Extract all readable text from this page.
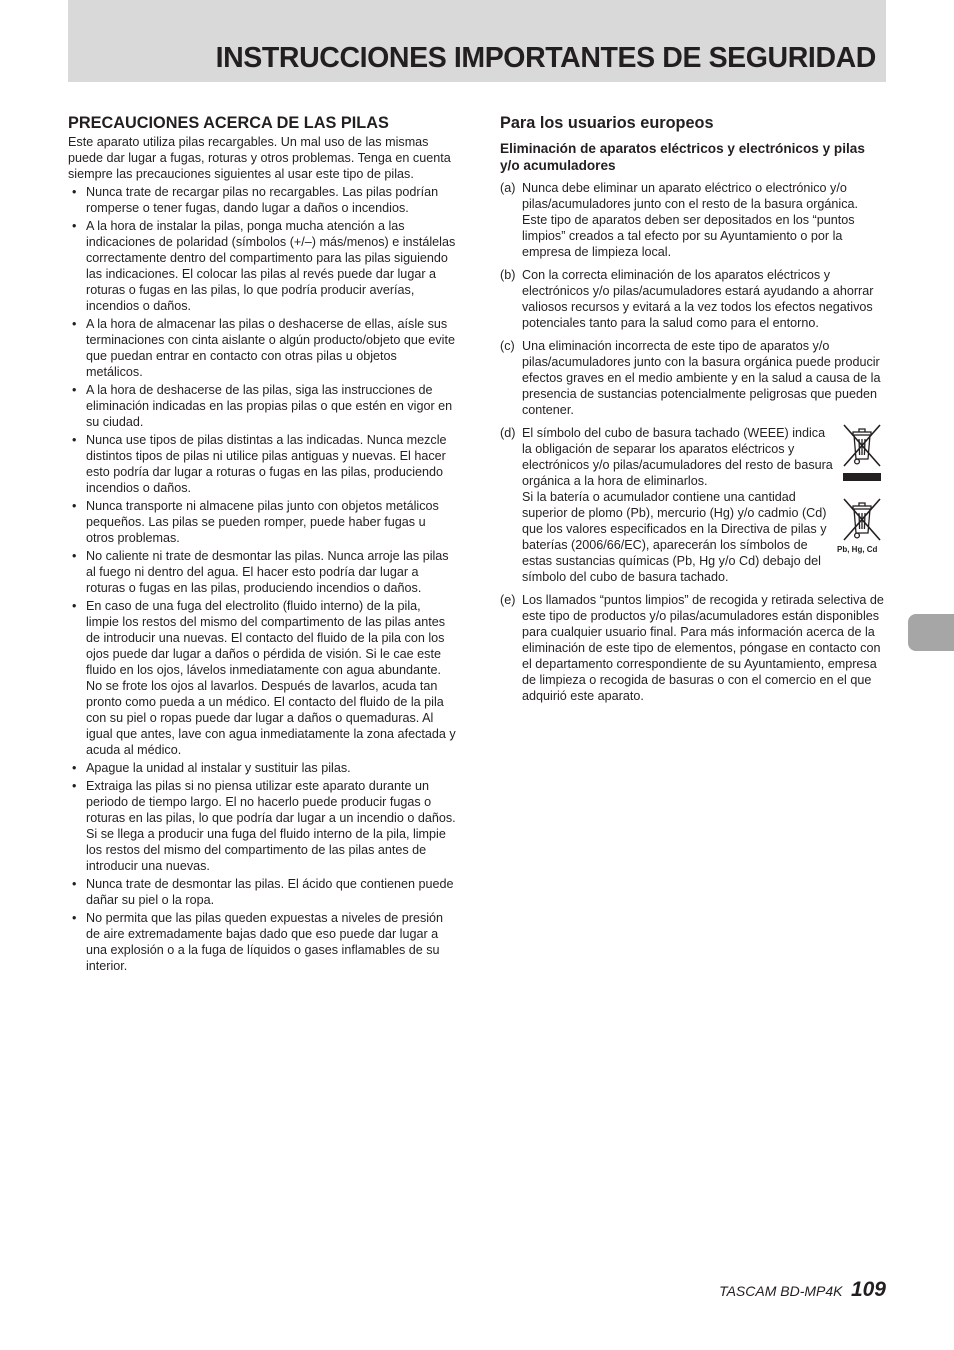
INSTRUCCIONES IMPORTANTES DE SEGURIDAD
PRECAUCIONES ACERCA DE LAS PILAS

Este aparato utiliza pilas recargables. Un mal uso de las mismas puede dar lugar a fugas, roturas y otros problemas. Tenga en cuenta siempre las precauciones siguientes al usar este tipo de pilas.

• Nunca trate de recargar pilas no recargables. Las pilas podrían romperse o tener fugas, dando lugar a daños o incendios.
• A la hora de instalar la pilas, ponga mucha atención a las indicaciones de polaridad (símbolos (+/–) más/menos) e instálelas correctamente dentro del compartimento para las pilas siguiendo las indicaciones. El colocar las pilas al revés puede dar lugar a roturas o fugas en las pilas, lo que podría producir averías, incendios o daños.
• A la hora de almacenar las pilas o deshacerse de ellas, aísle sus terminaciones con cinta aislante o algún producto/objeto que evite que puedan entrar en contacto con otras pilas u objetos metálicos.
• A la hora de deshacerse de las pilas, siga las instrucciones de eliminación indicadas en las propias pilas o que estén en vigor en su ciudad.
• Nunca use tipos de pilas distintas a las indicadas. Nunca mezcle distintos tipos de pilas ni utilice pilas antiguas y nuevas. El hacer esto podría dar lugar a roturas o fugas en las pilas, produciendo incendios o daños.
• Nunca transporte ni almacene pilas junto con objetos metálicos pequeños. Las pilas se pueden romper, puede haber fugas u otros problemas.
• No caliente ni trate de desmontar las pilas. Nunca arroje las pilas al fuego ni dentro del agua. El hacer esto podría dar lugar a roturas o fugas en las pilas, produciendo incendios o daños.
• En caso de una fuga del electrolito (fluido interno) de la pila, limpie los restos del mismo del compartimento de las pilas antes de introducir una nuevas. El contacto del fluido de la pila con los ojos puede dar lugar a daños o pérdida de visión. Si le cae este fluido en los ojos, lávelos inmediatamente con agua abundante. No se frote los ojos al lavarlos. Después de lavarlos, acuda tan pronto como pueda a un médico. El contacto del fluido de la pila con su piel o ropas puede dar lugar a daños o quemaduras. Al igual que antes, lave con agua inmediatamente la zona afectada y acuda al médico.
• Apague la unidad al instalar y sustituir las pilas.
• Extraiga las pilas si no piensa utilizar este aparato durante un periodo de tiempo largo. El no hacerlo puede producir fugas o roturas en las pilas, lo que podría dar lugar a un incendio o daños. Si se llega a producir una fuga del fluido interno de la pila, limpie los restos del mismo del compartimento de las pilas antes de introducir una nuevas.
• Nunca trate de desmontar las pilas. El ácido que contienen puede dañar su piel o la ropa.
• No permita que las pilas queden expuestas a niveles de presión de aire extremadamente bajas dado que eso puede dar lugar a una explosión o a la fuga de líquidos o gases inflamables de su interior.
Para los usuarios europeos
Eliminación de aparatos eléctricos y electrónicos y pilas y/o acumuladores
(a) Nunca debe eliminar un aparato eléctrico o electrónico y/o pilas/acumuladores junto con el resto de la basura orgánica. Este tipo de aparatos deben ser depositados en los “puntos limpios” creados a tal efecto por su Ayuntamiento o por la empresa de limpieza local.
(b) Con la correcta eliminación de los aparatos eléctricos y electrónicos y/o pilas/acumuladores estará ayudando a ahorrar valiosos recursos y evitará a la vez todos los efectos negativos potenciales tanto para la salud como para el entorno.
(c) Una eliminación incorrecta de este tipo de aparatos y/o pilas/acumuladores junto con la basura orgánica puede producir efectos graves en el medio ambiente y en la salud a causa de la presencia de sustancias potencialmente peligrosas que pueden contener.
(d) El símbolo del cubo de basura tachado (WEEE) indica la obligación de separar los aparatos eléctricos y electrónicos y/o pilas/acumuladores del resto de basura orgánica a la hora de eliminarlos.
Si la batería o acumulador contiene una cantidad superior de plomo (Pb), mercurio (Hg) y/o cadmio (Cd) que los valores especificados en la Directiva de pilas y baterías (2006/66/EC), aparecerán los símbolos de estas sustancias químicas (Pb, Hg y/o Cd) debajo del símbolo del cubo de basura tachado.
Pb, Hg, Cd
(e) Los llamados “puntos limpios” de recogida y retirada selectiva de este tipo de productos y/o pilas/acumuladores están disponibles para cualquier usuario final. Para más información acerca de la eliminación de este tipo de elementos, póngase en contacto con el departamento correspondiente de su Ayuntamiento, empresa de limpieza o recogida de basuras o con el comercio en el que adquirió este aparato.
TASCAM BD-MP4K 109
